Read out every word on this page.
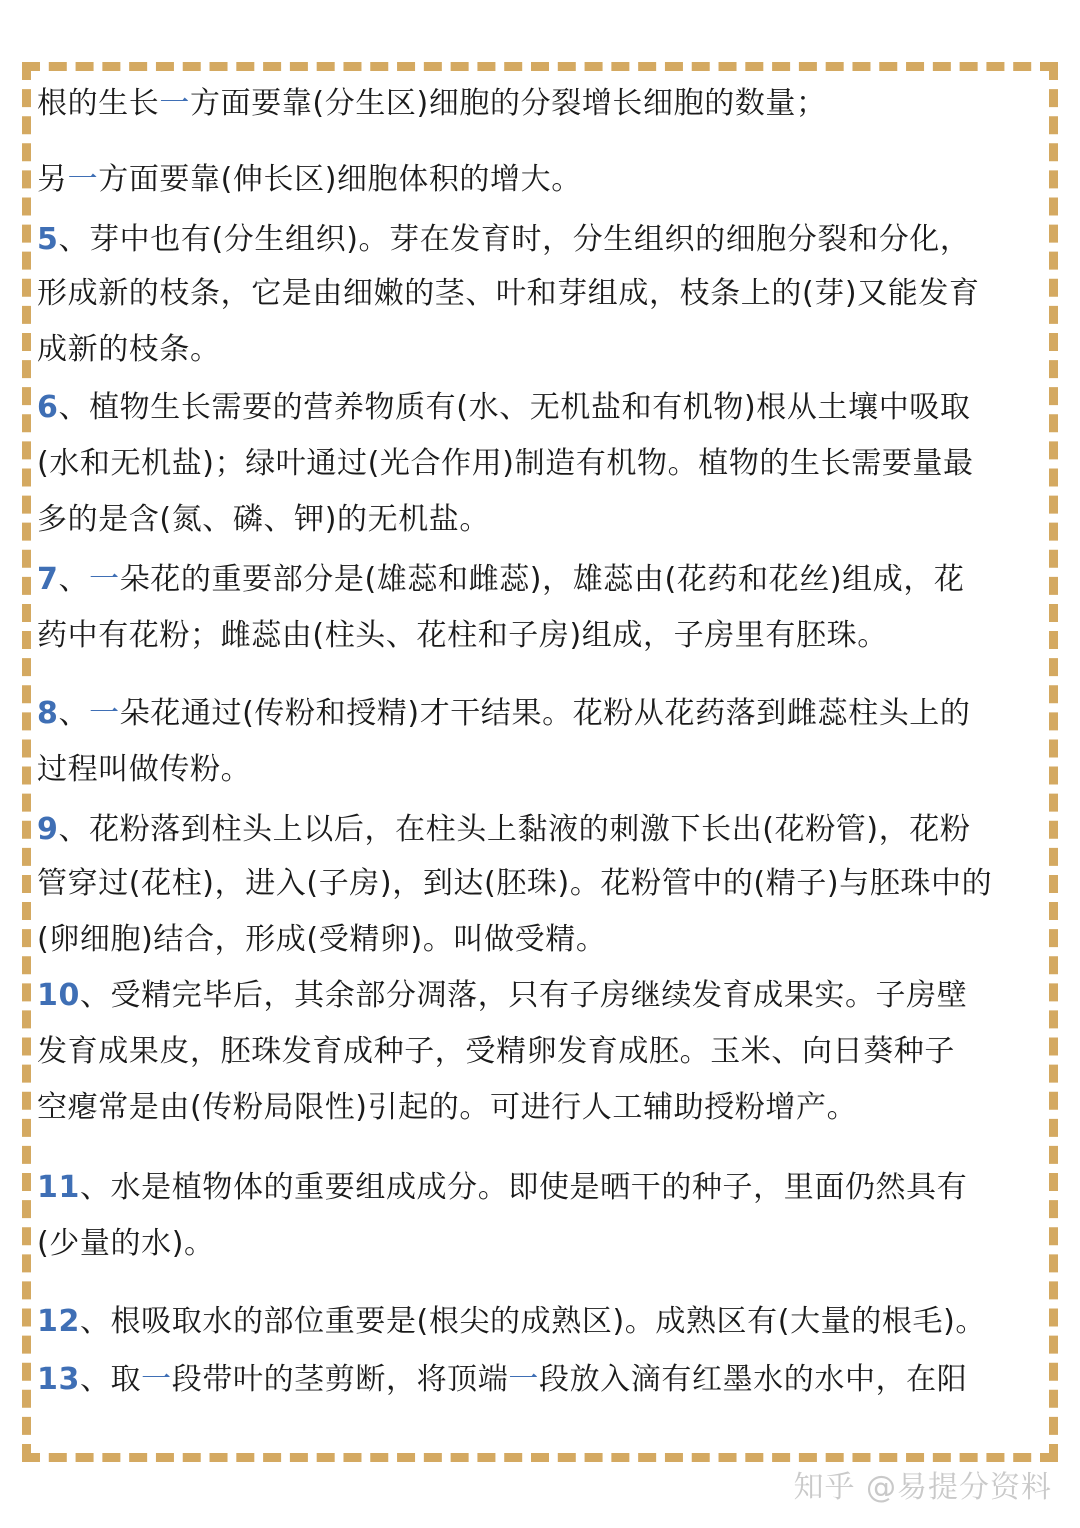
根的生长一方面要靠(分生区)细胞的分裂增长细胞的数量；
另一方面要靠(伸长区)细胞体积的增大。
5、芽中也有(分生组织)。芽在发育时，分生组织的细胞分裂和分化，
形成新的枝条，它是由细嫩的茎、叶和芽组成，枝条上的(芽)又能发育
成新的枝条。
6、植物生长需要的营养物质有(水、无机盐和有机物)根从土壤中吸取
(水和无机盐)；绿叶通过(光合作用)制造有机物。植物的生长需要量最
多的是含(氮、磷、钾)的无机盐。
7、一朵花的重要部分是(雄蕊和雌蕊)，雄蕊由(花药和花丝)组成，花
药中有花粉；雌蕊由(柱头、花柱和子房)组成，子房里有胚珠。
8、一朵花通过(传粉和授精)才干结果。花粉从花药落到雌蕊柱头上的
过程叫做传粉。
9、花粉落到柱头上以后，在柱头上黏液的刺激下长出(花粉管)，花粉
管穿过(花柱)，进入(子房)，到达(胚珠)。花粉管中的(精子)与胚珠中的
(卵细胞)结合，形成(受精卵)。叫做受精。
10、受精完毕后，其余部分凋落，只有子房继续发育成果实。子房壁
发育成果皮，胚珠发育成种子，受精卵发育成胚。玉米、向日葵种子
空瘪常是由(传粉局限性)引起的。可进行人工辅助授粉增产。
11、水是植物体的重要组成成分。即使是晒干的种子，里面仍然具有
(少量的水)。
12、根吸取水的部位重要是(根尖的成熟区)。成熟区有(大量的根毛)。
13、取一段带叶的茎剪断，将顶端一段放入滴有红墨水的水中，在阳
知乎 @易提分资料
